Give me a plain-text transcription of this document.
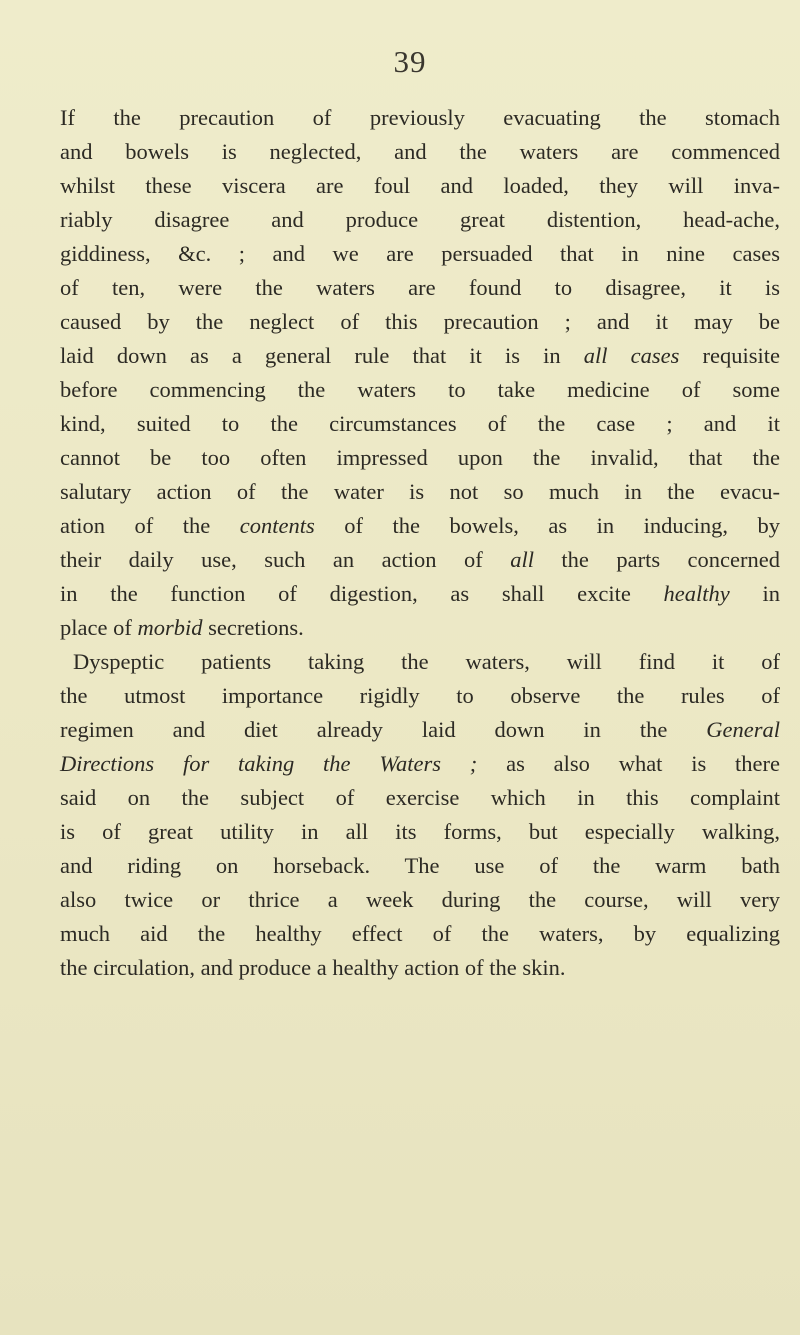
39
If the precaution of previously evacuating the stomach
and bowels is neglected, and the waters are commenced
whilst these viscera are foul and loaded, they will inva-
riably disagree and produce great distention, head-ache,
giddiness, &c. ; and we are persuaded that in nine cases
of ten, were the waters are found to disagree, it is
caused by the neglect of this precaution ; and it may be
laid down as a general rule that it is in all cases requisite
before commencing the waters to take medicine of some
kind, suited to the circumstances of the case ; and it
cannot be too often impressed upon the invalid, that the
salutary action of the water is not so much in the evacu-
ation of the contents of the bowels, as in inducing, by
their daily use, such an action of all the parts concerned
in the function of digestion, as shall excite healthy in
place of morbid secretions.
Dyspeptic patients taking the waters, will find it of
the utmost importance rigidly to observe the rules of
regimen and diet already laid down in the General
Directions for taking the Waters ; as also what is there
said on the subject of exercise which in this complaint
is of great utility in all its forms, but especially walking,
and riding on horseback. The use of the warm bath
also twice or thrice a week during the course, will very
much aid the healthy effect of the waters, by equalizing
the circulation, and produce a healthy action of the skin.
